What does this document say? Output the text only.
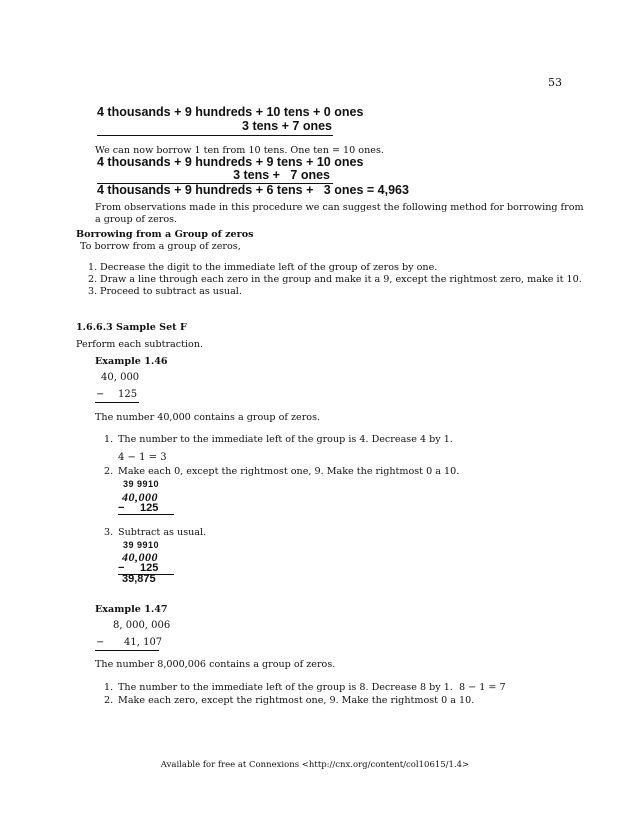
53
4 thousands + 9 hundreds + 10 tens + 0 ones
3 tens + 7 ones
We can now borrow 1 ten from 10 tens. One ten = 10 ones.
4 thousands + 9 hundreds + 9 tens + 10 ones
3 tens +   7 ones
4 thousands + 9 hundreds + 6 tens +   3 ones = 4,963
From observations made in this procedure we can suggest the following method for borrowing from
a group of zeros.
Borrowing from a Group of zeros
To borrow from a group of zeros,
1. Decrease the digit to the immediate left of the group of zeros by one.
2. Draw a line through each zero in the group and make it a 9, except the rightmost zero, make it 10.
3. Proceed to subtract as usual.
1.6.6.3 Sample Set F
Perform each subtraction.
Example 1.46
40, 000
− 125
The number 40,000 contains a group of zeros.
1. The number to the immediate left of the group is 4. Decrease 4 by 1.
4 − 1 = 3
2. Make each 0, except the rightmost one, 9. Make the rightmost 0 a 10.
39 9910
40,000
− 125
3. Subtract as usual.
39 9910
40,000
− 125
39,875
Example 1.47
8, 000, 006
− 41, 107
The number 8,000,006 contains a group of zeros.
1. The number to the immediate left of the group is 8. Decrease 8 by 1.  8 − 1 = 7
2. Make each zero, except the rightmost one, 9. Make the rightmost 0 a 10.
Available for free at Connexions <http://cnx.org/content/col10615/1.4>
